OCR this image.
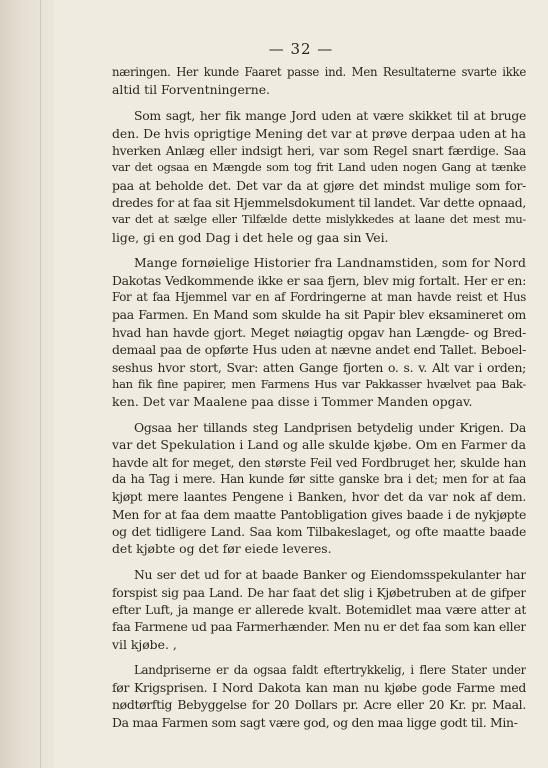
— 32 —
næringen. Her kunde Faaret passe ind. Men Resultaterne svarte ikke
altid til Forventningerne.
Som sagt, her fik mange Jord uden at være skikket til at bruge
den. De hvis oprigtige Mening det var at prøve derpaa uden at ha
hverken Anlæg eller indsigt heri, var som Regel snart færdige. Saa
var det ogsaa en Mængde som tog frit Land uden nogen Gang at tænke
paa at beholde det. Det var da at gjøre det mindst mulige som for-
dredes for at faa sit Hjemmelsdokument til landet. Var dette opnaad,
var det at sælge eller Tilfælde dette mislykkedes at laane det mest mu-
lige, gi en god Dag i det hele og gaa sin Vei.
Mange fornøielige Historier fra Landnamstiden, som for Nord
Dakotas Vedkommende ikke er saa fjern, blev mig fortalt. Her er en:
For at faa Hjemmel var en af Fordringerne at man havde reist et Hus
paa Farmen. En Mand som skulde ha sit Papir blev eksamineret om
hvad han havde gjort. Meget nøiagtig opgav han Længde- og Bred-
demaal paa de opførte Hus uden at nævne andet end Tallet. Beboel-
seshus hvor stort, Svar: atten Gange fjorten o. s. v. Alt var i orden;
han fik fine papirer, men Farmens Hus var Pakkasser hvælvet paa Bak-
ken. Det var Maalene paa disse i Tommer Manden opgav.
Ogsaa her tillands steg Landprisen betydelig under Krigen. Da
var det Spekulation i Land og alle skulde kjøbe. Om en Farmer da
havde alt for meget, den største Feil ved Fordbruget her, skulde han
da ha Tag i mere. Han kunde før sitte ganske bra i det; men for at faa
kjøpt mere laantes Pengene i Banken, hvor det da var nok af dem.
Men for at faa dem maatte Pantobligation gives baade i de nykjøpte
og det tidligere Land. Saa kom Tilbakeslaget, og ofte maatte baade
det kjøbte og det før eiede leveres.
Nu ser det ud for at baade Banker og Eiendomsspekulanter har
forspist sig paa Land. De har faat det slig i Kjøbetruben at de gifper
efter Luft, ja mange er allerede kvalt. Botemidlet maa være atter at
faa Farmene ud paa Farmerhænder. Men nu er det faa som kan eller
vil kjøbe. ,
Landpriserne er da ogsaa faldt eftertrykkelig, i flere Stater under
før Krigsprisen. I Nord Dakota kan man nu kjøbe gode Farme med
nødtørftig Bebyggelse for 20 Dollars pr. Acre eller 20 Kr. pr. Maal.
Da maa Farmen som sagt være god, og den maa ligge godt til. Min-
